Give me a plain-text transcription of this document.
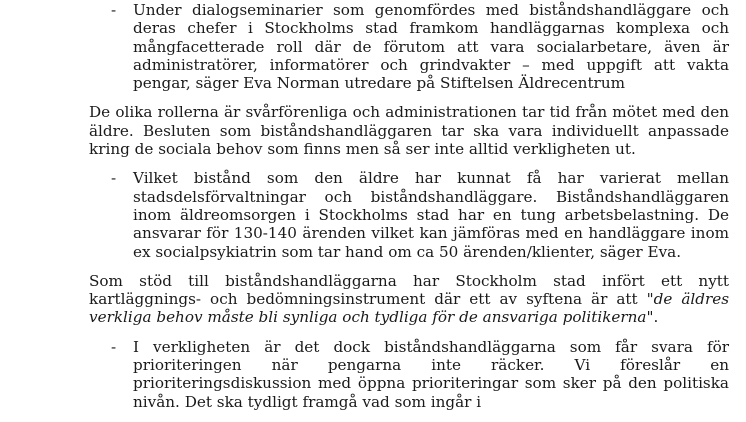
- Under dialogseminarier som genomfördes med biståndshandläggare och deras chefer i Stockholms stad framkom handläggarnas komplexa och mångfacetterade roll där de förutom att vara socialarbetare, även är administratörer, informatörer och grindvakter – med uppgift att vakta pengar, säger Eva Norman utredare på Stiftelsen Äldrecentrum

De olika rollerna är svårförenliga och administrationen tar tid från mötet med den äldre. Besluten som biståndshandläggaren tar ska vara individuellt anpassade kring de sociala behov som finns men så ser inte alltid verkligheten ut.

- Vilket bistånd som den äldre har kunnat få har varierat mellan stadsdelsförvaltningar och biståndshandläggare. Biståndshandläggaren inom äldreomsorgen i Stockholms stad har en tung arbetsbelastning. De ansvarar för 130-140 ärenden vilket kan jämföras med en handläggare inom ex socialpsykiatrin som tar hand om ca 50 ärenden/klienter, säger Eva.

Som stöd till biståndshandläggarna har Stockholm stad infört ett nytt kartläggnings- och bedömningsinstrument där ett av syftena är att "de äldres verkliga behov måste bli synliga och tydliga för de ansvariga politikerna".

- I verkligheten är det dock biståndshandläggarna som får svara för prioriteringen när pengarna inte räcker. Vi föreslår en prioriteringsdiskussion med öppna prioriteringar som sker på den politiska nivån. Det ska tydligt framgå vad som ingår i
